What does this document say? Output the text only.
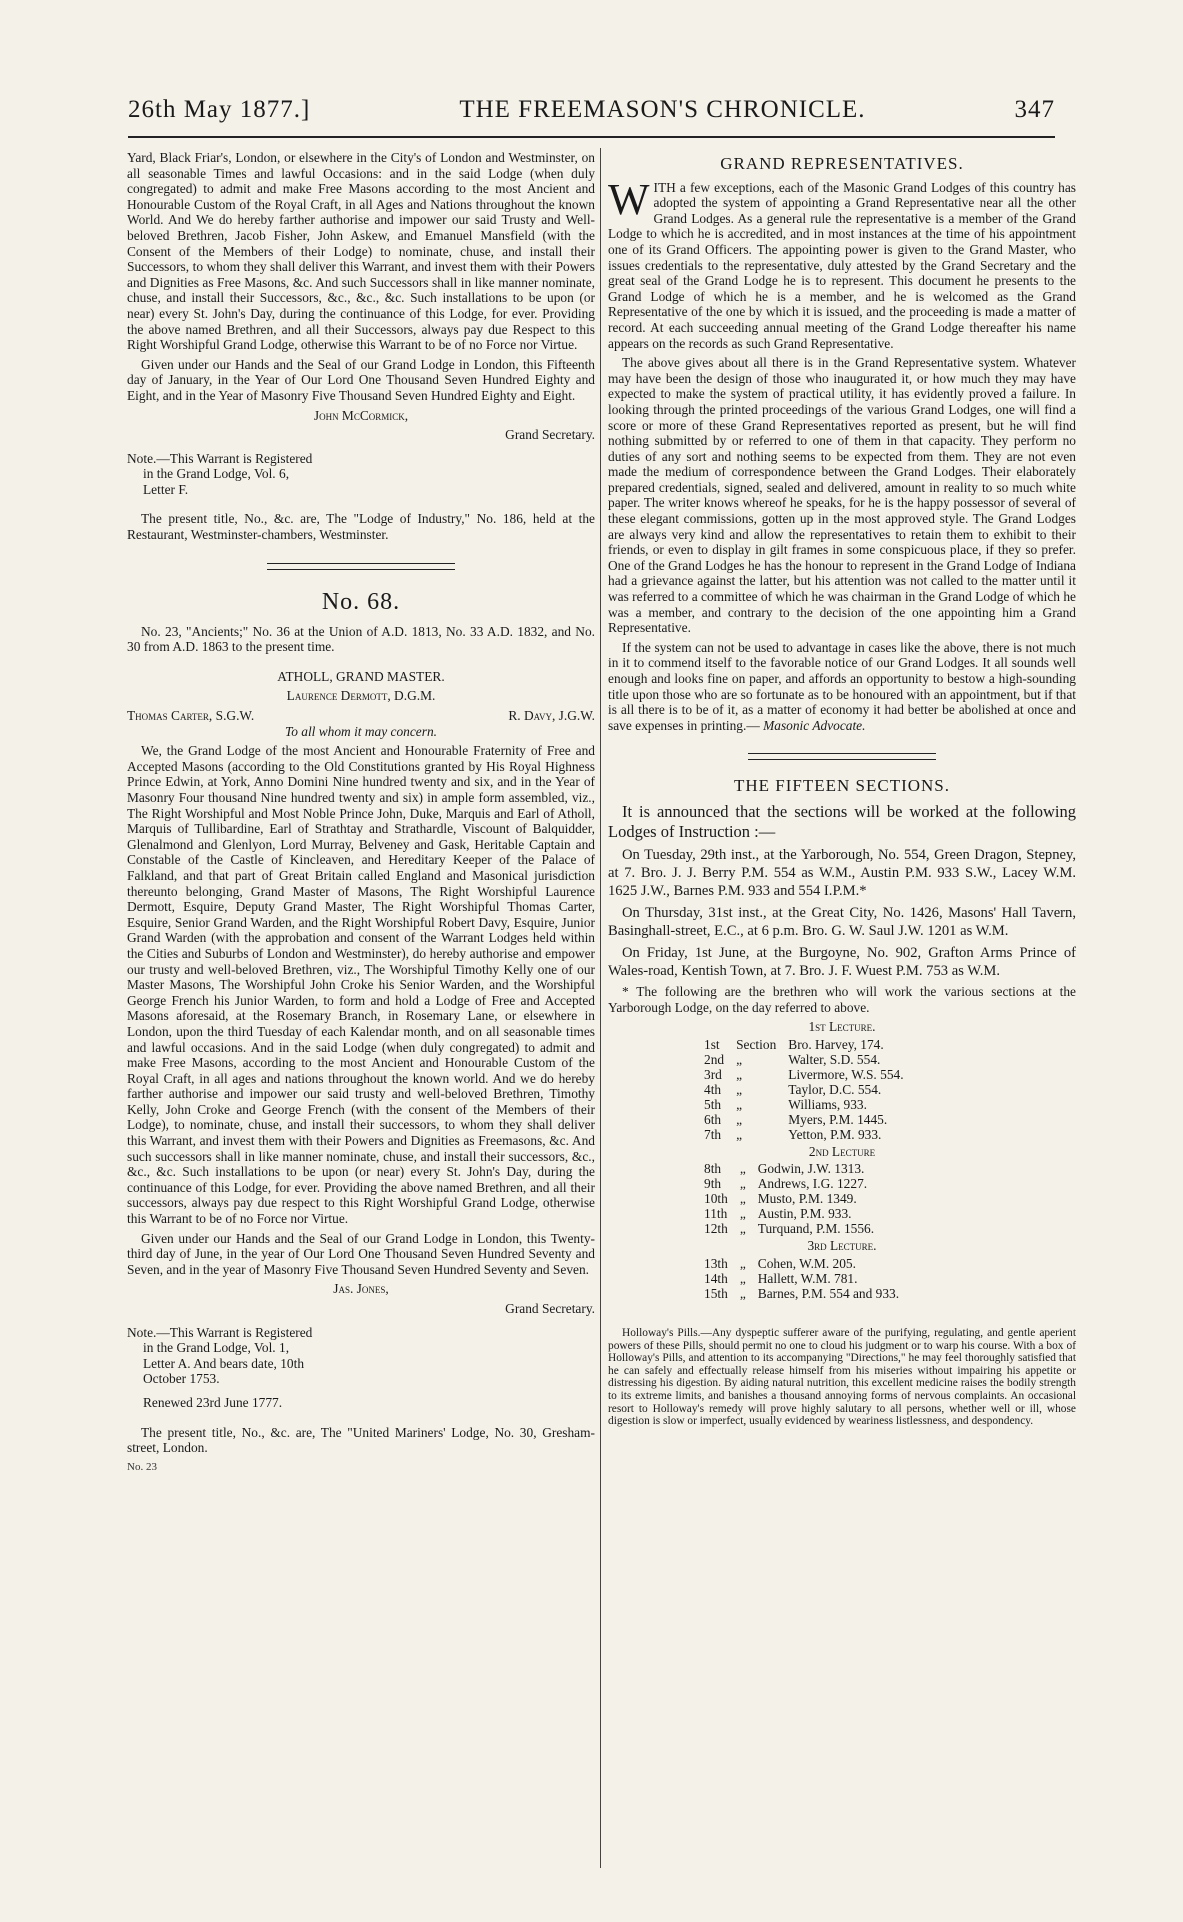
26th May 1877.]	THE FREEMASON'S CHRONICLE.	347

Yard, Black Friar's, London, or elsewhere in the City's of London and Westminster, on all seasonable Times and lawful Occasions: and in the said Lodge (when duly congregated) to admit and make Free Masons according to the most Ancient and Honourable Custom of the Royal Craft, in all Ages and Nations throughout the known World. And We do hereby farther authorise and impower our said Trusty and Well-beloved Brethren, Jacob Fisher, John Askew, and Emanuel Mansfield (with the Consent of the Members of their Lodge) to nominate, chuse, and install their Successors, to whom they shall deliver this Warrant, and invest them with their Powers and Dignities as Free Masons, &c. And such Successors shall in like manner nominate, chuse, and install their Successors, &c., &c., &c. Such installations to be upon (or near) every St. John's Day, during the continuance of this Lodge, for ever. Providing the above named Brethren, and all their Successors, always pay due Respect to this Right Worshipful Grand Lodge, otherwise this Warrant to be of no Force nor Virtue.

Given under our Hands and the Seal of our Grand Lodge in London, this Fifteenth day of January, in the Year of Our Lord One Thousand Seven Hundred Eighty and Eight, and in the Year of Masonry Five Thousand Seven Hundred Eighty and Eight.

John McCormick,

Grand Secretary.

Note.—This Warrant is Registered
in the Grand Lodge, Vol. 6,
Letter F.

The present title, No., &c. are, The "Lodge of Industry," No. 186, held at the Restaurant, Westminster-chambers, Westminster.

No. 68.

No. 23, "Ancients;" No. 36 at the Union of A.D. 1813, No. 33 A.D. 1832, and No. 30 from A.D. 1863 to the present time.

ATHOLL, GRAND MASTER.

Laurence Dermott, D.G.M.

Thomas Carter, S.G.W.	R. Davy, J.G.W.

To all whom it may concern.

We, the Grand Lodge of the most Ancient and Honourable Fraternity of Free and Accepted Masons (according to the Old Constitutions granted by His Royal Highness Prince Edwin, at York, Anno Domini Nine hundred twenty and six, and in the Year of Masonry Four thousand Nine hundred twenty and six) in ample form assembled, viz., The Right Worshipful and Most Noble Prince John, Duke, Marquis and Earl of Atholl, Marquis of Tullibardine, Earl of Strathtay and Strathardle, Viscount of Balquidder, Glenalmond and Glenlyon, Lord Murray, Belveney and Gask, Heritable Captain and Constable of the Castle of Kincleaven, and Hereditary Keeper of the Palace of Falkland, and that part of Great Britain called England and Masonical jurisdiction thereunto belonging, Grand Master of Masons, The Right Worshipful Laurence Dermott, Esquire, Deputy Grand Master, The Right Worshipful Thomas Carter, Esquire, Senior Grand Warden, and the Right Worshipful Robert Davy, Esquire, Junior Grand Warden (with the approbation and consent of the Warrant Lodges held within the Cities and Suburbs of London and Westminster), do hereby authorise and empower our trusty and well-beloved Brethren, viz., The Worshipful Timothy Kelly one of our Master Masons, The Worshipful John Croke his Senior Warden, and the Worshipful George French his Junior Warden, to form and hold a Lodge of Free and Accepted Masons aforesaid, at the Rosemary Branch, in Rosemary Lane, or elsewhere in London, upon the third Tuesday of each Kalendar month, and on all seasonable times and lawful occasions. And in the said Lodge (when duly congregated) to admit and make Free Masons, according to the most Ancient and Honourable Custom of the Royal Craft, in all ages and nations throughout the known world. And we do hereby farther authorise and impower our said trusty and well-beloved Brethren, Timothy Kelly, John Croke and George French (with the consent of the Members of their Lodge), to nominate, chuse, and install their successors, to whom they shall deliver this Warrant, and invest them with their Powers and Dignities as Freemasons, &c. And such successors shall in like manner nominate, chuse, and install their successors, &c., &c., &c. Such installations to be upon (or near) every St. John's Day, during the continuance of this Lodge, for ever. Providing the above named Brethren, and all their successors, always pay due respect to this Right Worshipful Grand Lodge, otherwise this Warrant to be of no Force nor Virtue.

Given under our Hands and the Seal of our Grand Lodge in London, this Twenty-third day of June, in the year of Our Lord One Thousand Seven Hundred Seventy and Seven, and in the year of Masonry Five Thousand Seven Hundred Seventy and Seven.

Jas. Jones,

Grand Secretary.

Note.—This Warrant is Registered
in the Grand Lodge, Vol. 1,
Letter A. And bears date, 10th
October 1753.

Renewed 23rd June 1777.

The present title, No., &c. are, The "United Mariners' Lodge, No. 30, Gresham-street, London.

No. 23

GRAND REPRESENTATIVES.

WITH a few exceptions, each of the Masonic Grand Lodges of this country has adopted the system of appointing a Grand Representative near all the other Grand Lodges. As a general rule the representative is a member of the Grand Lodge to which he is accredited, and in most instances at the time of his appointment one of its Grand Officers. The appointing power is given to the Grand Master, who issues credentials to the representative, duly attested by the Grand Secretary and the great seal of the Grand Lodge he is to represent. This document he presents to the Grand Lodge of which he is a member, and he is welcomed as the Grand Representative of the one by which it is issued, and the proceeding is made a matter of record. At each succeeding annual meeting of the Grand Lodge thereafter his name appears on the records as such Grand Representative.

The above gives about all there is in the Grand Representative system. Whatever may have been the design of those who inaugurated it, or how much they may have expected to make the system of practical utility, it has evidently proved a failure. In looking through the printed proceedings of the various Grand Lodges, one will find a score or more of these Grand Representatives reported as present, but he will find nothing submitted by or referred to one of them in that capacity. They perform no duties of any sort and nothing seems to be expected from them. They are not even made the medium of correspondence between the Grand Lodges. Their elaborately prepared credentials, signed, sealed and delivered, amount in reality to so much white paper. The writer knows whereof he speaks, for he is the happy possessor of several of these elegant commissions, gotten up in the most approved style. The Grand Lodges are always very kind and allow the representatives to retain them to exhibit to their friends, or even to display in gilt frames in some conspicuous place, if they so prefer. One of the Grand Lodges he has the honour to represent in the Grand Lodge of Indiana had a grievance against the latter, but his attention was not called to the matter until it was referred to a committee of which he was chairman in the Grand Lodge of which he was a member, and contrary to the decision of the one appointing him a Grand Representative.

If the system can not be used to advantage in cases like the above, there is not much in it to commend itself to the favorable notice of our Grand Lodges. It all sounds well enough and looks fine on paper, and affords an opportunity to bestow a high-sounding title upon those who are so fortunate as to be honoured with an appointment, but if that is all there is to be of it, as a matter of economy it had better be abolished at once and save expenses in printing.— Masonic Advocate.

THE FIFTEEN SECTIONS.

It is announced that the sections will be worked at the following Lodges of Instruction :—

On Tuesday, 29th inst., at the Yarborough, No. 554, Green Dragon, Stepney, at 7. Bro. J. J. Berry P.M. 554 as W.M., Austin P.M. 933 S.W., Lacey W.M. 1625 J.W., Barnes P.M. 933 and 554 I.P.M.*

On Thursday, 31st inst., at the Great City, No. 1426, Masons' Hall Tavern, Basinghall-street, E.C., at 6 p.m. Bro. G. W. Saul J.W. 1201 as W.M.

On Friday, 1st June, at the Burgoyne, No. 902, Grafton Arms Prince of Wales-road, Kentish Town, at 7. Bro. J. F. Wuest P.M. 753 as W.M.

* The following are the brethren who will work the various sections at the Yarborough Lodge, on the day referred to above.

1st Lecture.
1st	Section	Bro. Harvey, 174.
2nd	„	Walter, S.D. 554.
3rd	„	Livermore, W.S. 554.
4th	„	Taylor, D.C. 554.
5th	„	Williams, 933.
6th	„	Myers, P.M. 1445.
7th	„	Yetton, P.M. 933.
2nd Lecture
8th	„	Godwin, J.W. 1313.
9th	„	Andrews, I.G. 1227.
10th	„	Musto, P.M. 1349.
11th	„	Austin, P.M. 933.
12th	„	Turquand, P.M. 1556.
3rd Lecture.
13th	„	Cohen, W.M. 205.
14th	„	Hallett, W.M. 781.
15th	„	Barnes, P.M. 554 and 933.

Holloway's Pills.—Any dyspeptic sufferer aware of the purifying, regulating, and gentle aperient powers of these Pills, should permit no one to cloud his judgment or to warp his course. With a box of Holloway's Pills, and attention to its accompanying "Directions," he may feel thoroughly satisfied that he can safely and effectually release himself from his miseries without impairing his appetite or distressing his digestion. By aiding natural nutrition, this excellent medicine raises the bodily strength to its extreme limits, and banishes a thousand annoying forms of nervous complaints. An occasional resort to Holloway's remedy will prove highly salutary to all persons, whether well or ill, whose digestion is slow or imperfect, usually evidenced by weariness listlessness, and despondency.
